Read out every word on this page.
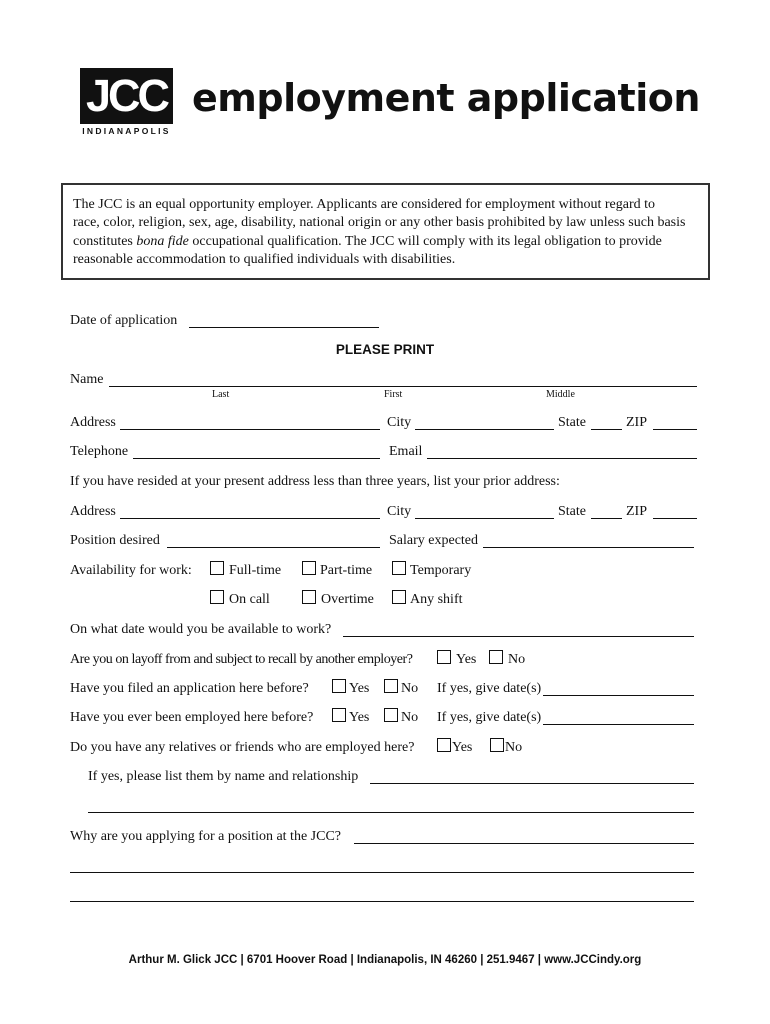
JCC
INDIANAPOLIS
employment application
The JCC is an equal opportunity employer. Applicants are considered for employment without regard to
race, color, religion, sex, age, disability, national origin or any other basis prohibited by law unless such basis
constitutes bona fide occupational qualification. The JCC will comply with its legal obligation to provide
reasonable accommodation to qualified individuals with disabilities.
Date of application
PLEASE PRINT
Name
Last	First	Middle
Address	City	State	ZIP
Telephone	Email
If you have resided at your present address less than three years, list your prior address:
Address	City	State	ZIP
Position desired	Salary expected
Availability for work:	Full-time	Part-time	Temporary
On call	Overtime	Any shift
On what date would you be available to work?
Are you on layoff from and subject to recall by another employer?	Yes No
Have you filed an application here before?	Yes No If yes, give date(s)
Have you ever been employed here before?	Yes No If yes, give date(s)
Do you have any relatives or friends who are employed here?	Yes No
If yes, please list them by name and relationship
Why are you applying for a position at the JCC?
Arthur M. Glick JCC | 6701 Hoover Road | Indianapolis, IN 46260 | 251.9467 | www.JCCindy.org
